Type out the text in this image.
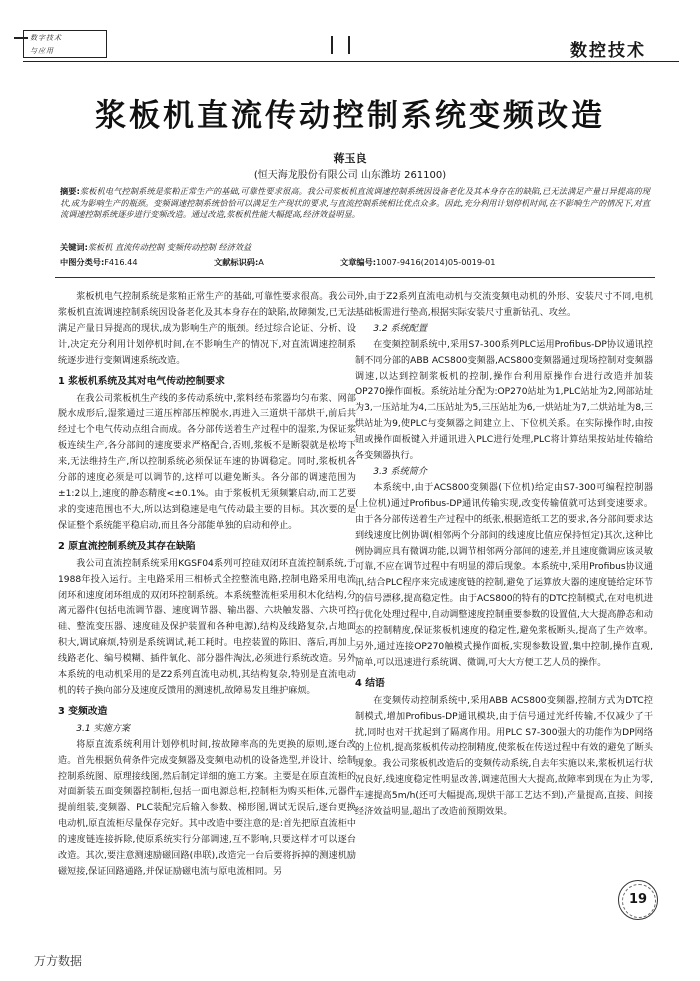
数字技术
与应用	数控技术
浆板机直流传动控制系统变频改造
蒋玉良
(恒天海龙股份有限公司 山东潍坊 261100)
摘要:浆板机电气控制系统是浆粕正常生产的基础,可靠性要求很高。我公司浆板机直流调速控制系统因设备老化及其本身存在的缺陷,已无法满足产量日异提高的现状,成为影响生产的瓶颈。变频调速控制系统恰恰可以满足生产现状的要求,与直流控制系统相比优点众多。因此,充分利用计划停机时间,在不影响生产的情况下,对直流调速控制系统逐步进行变频改造。通过改造,浆板机性能大幅提高,经济效益明显。
关键词:浆板机 直流传动控制 变频传动控制 经济效益
中图分类号:F416.44	文献标识码:A	文章编号:1007-9416(2014)05-0019-01

浆板机电气控制系统是浆粕正常生产的基础,可靠性要求很高。我公司浆板机直流调速控制系统因设备老化及其本身存在的缺陷,故障频发,已无法满足产量日异提高的现状,成为影响生产的瓶颈。经过综合论证、分析、设计,决定充分利用计划停机时间,在不影响生产的情况下,对直流调速控制系统逐步进行变频调速系统改造。

1 浆板机系统及其对电气传动控制要求

在我公司浆板机生产线的多传动系统中,浆料经布浆器均匀布浆、网部脱水成形后,湿浆通过三道压榨部压榨脱水,再进入三道烘干部烘干,前后共经过七个电气传动点组合而成。各分部传送着生产过程中的湿浆,为保证浆板连续生产,各分部间的速度要求严格配合,否则,浆板不是断裂就是松垮下来,无法维持生产,所以控制系统必须保证车速的协调稳定。同时,浆板机各分部的速度必须是可以调节的,这样可以避免断头。各分部的调速范围为±1:2以上,速度的静态精度<±0.1%。由于浆板机无须频繁启动,而工艺要求的变速范围也不大,所以达到稳速是电气传动最主要的目标。其次要的是保证整个系统能平稳启动,而且各分部能单独的启动和停止。

2 原直流控制系统及其存在缺陷

我公司直流控制系统采用KGSF04系列可控硅双闭环直流控制系统,于1988年投入运行。主电路采用三相桥式全控整流电路,控制电路采用电流闭环和速度闭环组成的双闭环控制系统。本系统整流柜采用积木化结构,分离元器件(包括电流调节器、速度调节器、输出器、六块触发器、六块可控硅、整流变压器、速度硅及保护装置和各种电源),结构及线路复杂,占地面积大,调试麻烦,特别是系统调试,耗工耗时。电控装置的陈旧、落后,再加上线路老化、编号模糊、插件氧化、部分器件淘汰,必须进行系统改造。另外本系统的电动机采用的是Z2系列直流电动机,其结构复杂,特别是直流电动机的转子换向部分及速度反馈用的测速机,故障易发且维护麻烦。

3 变频改造
3.1 实施方案

将原直流系统利用计划停机时间,按故障率高的先更换的原则,逐台改造。首先根据负荷条件完成变频器及变频电动机的设备选型,并设计、绘制控制系统图、原理接线图,然后制定详细的施工方案。主要是在原直流柜的对面新装五面变频器控制柜,包括一面电源总柜,控制柜为购买柜体,元器件提前组装,变频器、PLC装配完后输入参数、梯形图,调试无误后,逐台更换电动机,原直流柜尽量保存完好。其中改造中要注意的是:首先把原直流柜中的速度链连接拆除,使原系统实行分部调速,互不影响,只要这样才可以逐台改造。其次,要注意测速励磁回路(串联),改造完一台后要将拆掉的测速机励磁短接,保证回路通路,并保证励磁电流与原电流相同。另

外,由于Z2系列直流电动机与交流变频电动机的外形、安装尺寸不同,电机基础板需进行垫高,根据实际安装尺寸重新钻孔、攻丝。

3.2 系统配置

在变频控制系统中,采用S7-300系列PLC运用Profibus-DP协议通讯控制不同分部的ABB ACS800变频器,ACS800变频器通过现场控制对变频器调速,以达到控制浆板机的控制,操作台利用原操作台进行改造并加装OP270操作面板。系统站址分配为:OP270站址为1,PLC站址为2,网部站址为3,一压站址为4,二压站址为5,三压站址为6,一烘站址为7,二烘站址为8,三烘站址为9,使PLC与变频器之间建立上、下位机关系。在实际操作时,由按钮或操作面板键入并通讯进入PLC进行处理,PLC将计算结果按站址传输给各变频器执行。

3.3 系统简介

本系统中,由于ACS800变频器(下位机)给定由S7-300可编程控制器(上位机)通过Profibus-DP通讯传输实现,改变传输值就可达到变速要求。由于各分部传送着生产过程中的纸张,根据造纸工艺的要求,各分部间要求达到线速度比例协调(相邻两个分部间的线速度比值应保持恒定)其次,这种比例协调应具有微调功能,以调节相邻两分部间的速差,并且速度微调应该灵敏可靠,不应在调节过程中有明显的滞后现象。本系统中,采用Profibus协议通讯,结合PLC程序来完成速度链的控制,避免了运算放大器的速度链给定环节的信号漂移,提高稳定性。由于ACS800的特有的DTC控制模式,在对电机进行优化处理过程中,自动调整速度控制重要参数的设置值,大大提高静态和动态的控制精度,保证浆板机速度的稳定性,避免浆板断头,提高了生产效率。另外,通过连接OP270触模式操作面板,实现参数设置,集中控制,操作直观,简单,可以迅速进行系统调、微调,可大大方便工艺人员的操作。

4 结语

在变频传动控制系统中,采用ABB ACS800变频器,控制方式为DTC控制模式,增加Profibus-DP通讯模块,由于信号通过光纤传输,不仅减少了干扰,同时也对干扰起到了隔离作用。用PLC S7-300强大的功能作为DP网络的上位机,提高浆板机传动控制精度,使浆板在传送过程中有效的避免了断头现象。我公司浆板机改造后的变频传动系统,自去年实施以来,浆板机运行状况良好,线速度稳定性明显改善,调速范围大大提高,故障率到现在为止为零,车速提高5m/h(还可大幅提高,现烘干部工艺达不到),产量提高,直接、间接经济效益明显,超出了改造前预期效果。

19
万方数据
